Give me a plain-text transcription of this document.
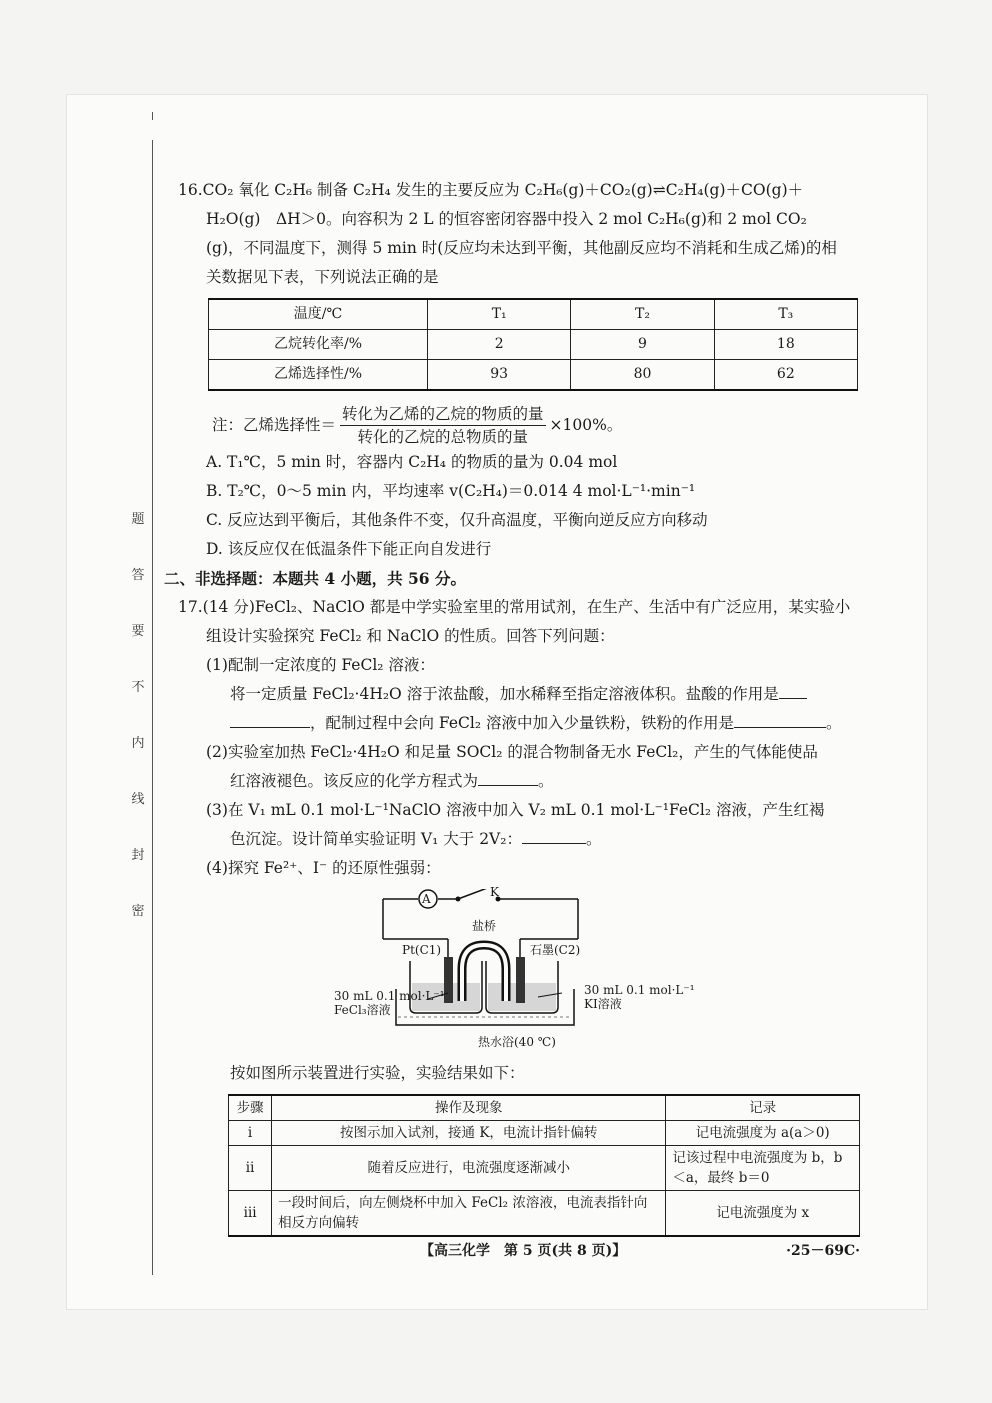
题
答
要
不
内
线
封
密

16.CO₂ 氧化 C₂H₆ 制备 C₂H₄ 发生的主要反应为 C₂H₆(g)＋CO₂(g)⇌C₂H₄(g)＋CO(g)＋

H₂O(g)　ΔH＞0。向容积为 2 L 的恒容密闭容器中投入 2 mol C₂H₆(g)和 2 mol CO₂

(g)，不同温度下，测得 5 min 时(反应均未达到平衡，其他副反应均不消耗和生成乙烯)的相

关数据见下表，下列说法正确的是

温度/℃	T₁	T₂	T₃
乙烷转化率/%	2	9	18
乙烯选择性/%	93	80	62
注：乙烯选择性＝ $\frac{\text{转化为乙烯的乙烷的物质的量}}{\text{转化的乙烷的总物质的量}} \times 100\%$。

A. T₁℃，5 min 时，容器内 C₂H₄ 的物质的量为 0.04 mol

B. T₂℃，0～5 min 内，平均速率 v(C₂H₄)＝0.014 4 mol·L⁻¹·min⁻¹

C. 反应达到平衡后，其他条件不变，仅升高温度，平衡向逆反应方向移动

D. 该反应仅在低温条件下能正向自发进行

二、非选择题：本题共 4 小题，共 56 分。

17.(14 分)FeCl₂、NaClO 都是中学实验室里的常用试剂，在生产、生活中有广泛应用，某实验小

组设计实验探究 FeCl₂ 和 NaClO 的性质。回答下列问题：

(1)配制一定浓度的 FeCl₂ 溶液：

将一定质量 FeCl₂·4H₂O 溶于浓盐酸，加水稀释至指定溶液体积。盐酸的作用是

，配制过程中会向 FeCl₂ 溶液中加入少量铁粉，铁粉的作用是	。

(2)实验室加热 FeCl₂·4H₂O 和足量 SOCl₂ 的混合物制备无水 FeCl₂，产生的气体能使品

红溶液褪色。该反应的化学方程式为	。

(3)在 V₁ mL 0.1 mol·L⁻¹NaClO 溶液中加入 V₂ mL 0.1 mol·L⁻¹FeCl₂ 溶液，产生红褐

色沉淀。设计简单实验证明 V₁ 大于 2V₂：	。

(4)探究 Fe²⁺、I⁻ 的还原性强弱：

A	K
盐桥
Pt(C1)	石墨(C2)
30 mL 0.1 mol·L⁻¹
FeCl₃溶液
30 mL 0.1 mol·L⁻¹
KI溶液
热水浴(40 ℃)

按如图所示装置进行实验，实验结果如下：

步骤	操作及现象	记录
ⅰ	按图示加入试剂，接通 K，电流计指针偏转	记电流强度为 a(a＞0)
ⅱ	随着反应进行，电流强度逐渐减小	记该过程中电流强度为 b，b＜a，最终 b＝0
ⅲ	一段时间后，向左侧烧杯中加入 FeCl₂ 浓溶液，电流表指针向相反方向偏转	记电流强度为 x
【高三化学　第 5 页(共 8 页)】	·25－69C·
